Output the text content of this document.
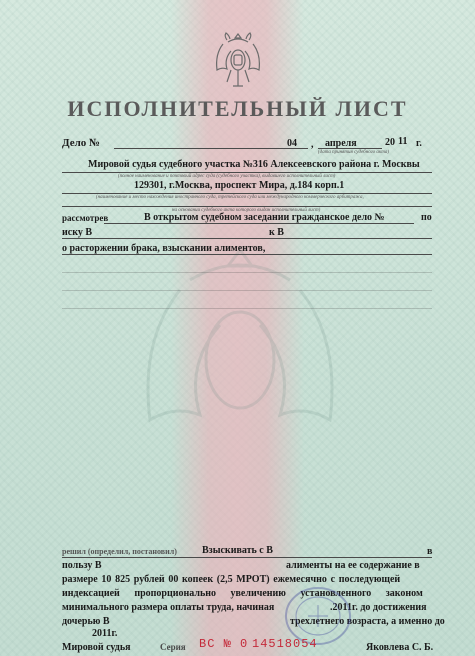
ИСПОЛНИТЕЛЬНЫЙ ЛИСТ
Дело №	04 , апреля	20 11 г.
(дата принятия судебного акта)
Мировой судья судебного участка №316 Алексеевского района г. Москвы
(полное наименование и почтовый адрес суда (судебного участка), выдавшего исполнительный лист)
129301, г.Москва, проспект Мира, д.184 корп.1
(наименование и место нахождения иностранного суда, третейского суда или международного коммерческого арбитража,
на основании судебного акта которого выдан исполнительный лист)
рассмотрев	В открытом судебном заседании гражданское дело №	по
иску В	к В
о расторжении брака, взыскании алиментов,
решил (определил, постановил)	Взыскивать с В	в
пользу В	алименты на ее содержание в
размере 10 825 рублей 00 копеек (2,5 МРОТ) ежемесячно с последующей
индексацией пропорционально увеличению установленного законом
минимального размера оплаты труда, начиная	.2011г. до достижения
дочерью В	трехлетнего возраста, а именно до
2011г.
Мировой судья	Серия ВС № 0 14518054	Яковлева С. Б.
